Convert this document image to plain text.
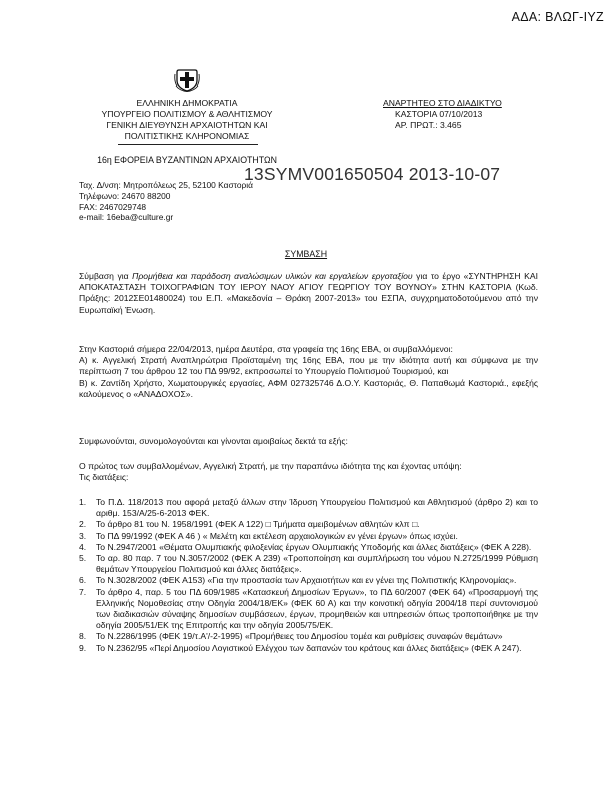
ΑΔΑ: ΒΛΩΓ-ΙΥΖ
ΕΛΛΗΝΙΚΗ ΔΗΜΟΚΡΑΤΙΑ
ΥΠΟΥΡΓΕΙΟ ΠΟΛΙΤΙΣΜΟΥ & ΑΘΛΗΤΙΣΜΟΥ
ΓΕΝΙΚΗ ΔΙΕΥΘΥΝΣΗ ΑΡΧΑΙΟΤΗΤΩΝ ΚΑΙ
ΠΟΛΙΤΙΣΤΙΚΗΣ ΚΛΗΡΟΝΟΜΙΑΣ
16η ΕΦΟΡΕΙΑ ΒΥΖΑΝΤΙΝΩΝ ΑΡΧΑΙΟΤΗΤΩΝ
ΑΝΑΡΤΗΤΕΟ ΣΤΟ ΔΙΑΔΙΚΤΥΟ
ΚΑΣΤΟΡΙΑ 07/10/2013
ΑΡ. ΠΡΩΤ.: 3.465
Ταχ. Δ/νση: Μητροπόλεως 25, 52100 Καστοριά
Τηλέφωνο: 24670 88200
FAX: 2467029748
e-mail: 16eba@culture.gr
13SYMV001650504 2013-10-07
ΣΥΜΒΑΣΗ
Σύμβαση για Προμήθεια και παράδοση αναλώσιμων υλικών και εργαλείων εργοταξίου για το έργο «ΣΥΝΤΗΡΗΣΗ ΚΑΙ ΑΠΟΚΑΤΑΣΤΑΣΗ ΤΟΙΧΟΓΡΑΦΙΩΝ ΤΟΥ ΙΕΡΟΥ ΝΑΟΥ ΑΓΙΟΥ ΓΕΩΡΓΙΟΥ ΤΟΥ ΒΟΥΝΟΥ» ΣΤΗΝ ΚΑΣΤΟΡΙΑ (Κωδ. Πράξης: 2012ΣΕ01480024) του Ε.Π. «Μακεδονία – Θράκη 2007-2013» του ΕΣΠΑ, συγχρηματοδοτούμενου από την Ευρωπαϊκή Ένωση.
Στην Καστοριά σήμερα 22/04/2013, ημέρα Δευτέρα, στα γραφεία της 16ης ΕΒΑ, οι συμβαλλόμενοι:
Α) κ. Αγγελική Στρατή Αναπληρώτρια Προϊσταμένη της 16ης ΕΒΑ, που με την ιδιότητα αυτή και σύμφωνα με την περίπτωση 7 του άρθρου 12 του ΠΔ 99/92, εκπροσωπεί το Υπουργείο Πολιτισμού Τουρισμού, και
Β) κ. Ζαντίδη Χρήστο, Χωματουργικές εργασίες, ΑΦΜ 027325746 Δ.Ο.Υ. Καστοριάς, Θ. Παπαθωμά Καστοριά., εφεξής καλούμενος ο «ΑΝΑΔΟΧΟΣ».
Συμφωνούνται, συνομολογούνται και γίνονται αμοιβαίως δεκτά τα εξής:
Ο πρώτος των συμβαλλομένων, Αγγελική Στρατή, με την παραπάνω ιδιότητα της και έχοντας υπόψη:
Τις διατάξεις:
1. Το Π.Δ. 118/2013 που αφορά μεταξύ άλλων στην Ίδρυση Υπουργείου Πολιτισμού και Αθλητισμού (άρθρο 2) και το αριθμ. 153/Α/25-6-2013 ΦΕΚ.
2. Το άρθρο 81 του Ν. 1958/1991 (ΦΕΚ Α 122) □ Τμήματα αμειβομένων αθλητών κλπ □.
3. Το ΠΔ 99/1992 (ΦΕΚ Α 46 ) « Μελέτη και εκτέλεση αρχαιολογικών εν γένει έργων» όπως ισχύει.
4. Το Ν.2947/2001 «Θέματα Ολυμπιακής φιλοξενίας έργων Ολυμπιακής Υποδομής και άλλες διατάξεις» (ΦΕΚ Α 228).
5. Το αρ. 80 παρ. 7 του Ν.3057/2002 (ΦΕΚ Α 239) «Τροποποίηση και συμπλήρωση του νόμου Ν.2725/1999 Ρύθμιση θεμάτων Υπουργείου Πολιτισμού και άλλες διατάξεις».
6. Το Ν.3028/2002 (ΦΕΚ Α153) «Για την προστασία των Αρχαιοτήτων και εν γένει της Πολιτιστικής Κληρονομίας».
7. Το άρθρο 4, παρ. 5 του ΠΔ 609/1985 «Κατασκευή Δημοσίων Έργων», το ΠΔ 60/2007 (ΦΕΚ 64) «Προσαρμογή της Ελληνικής Νομοθεσίας στην Οδηγία 2004/18/ΕΚ» (ΦΕΚ 60 Α) και την κοινοτική οδηγία 2004/18 περί συντονισμού των διαδικασιών σύναψης δημοσίων συμβάσεων, έργων, προμηθειών και υπηρεσιών όπως τροποποιήθηκε με την οδηγία 2005/51/ΕΚ της Επιτροπής και την οδηγία 2005/75/ΕΚ.
8. Το Ν.2286/1995 (ΦΕΚ 19/τ.Α'/-2-1995) «Προμήθειες του Δημοσίου τομέα και ρυθμίσεις συναφών θεμάτων»
9. Το Ν.2362/95 «Περί Δημοσίου Λογιστικού Ελέγχου των δαπανών του κράτους και άλλες διατάξεις» (ΦΕΚ Α 247).
